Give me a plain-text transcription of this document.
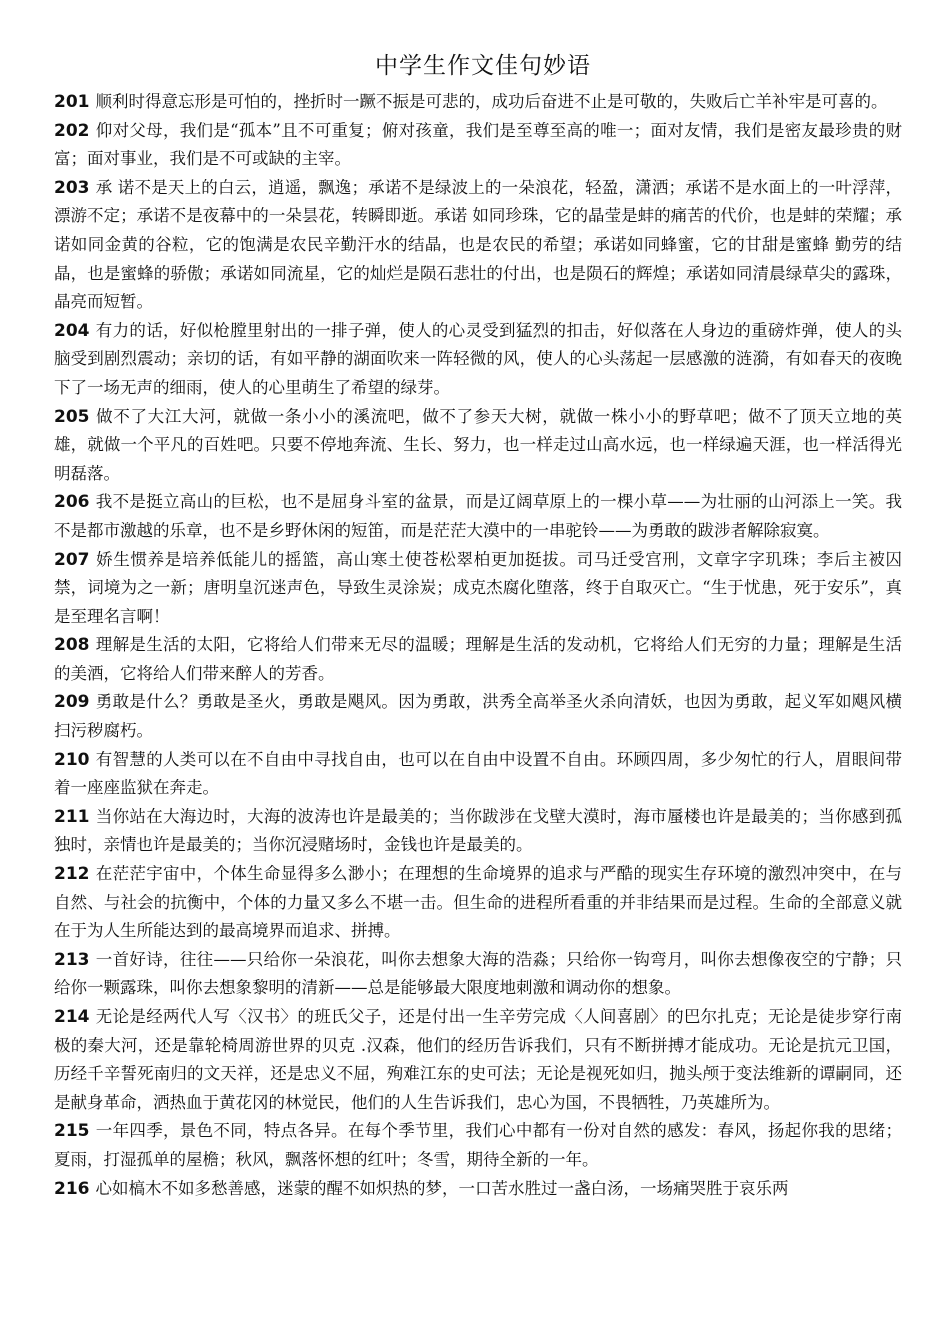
中学生作文佳句妙语

201 顺利时得意忘形是可怕的，挫折时一蹶不振是可悲的，成功后奋进不止是可敬的，失败后亡羊补牢是可喜的。

202 仰对父母，我们是“孤本”且不可重复；俯对孩童，我们是至尊至高的唯一；面对友情，我们是密友最珍贵的财富；面对事业，我们是不可或缺的主宰。

203 承 诺不是天上的白云，逍遥，飘逸；承诺不是绿波上的一朵浪花，轻盈，潇洒；承诺不是水面上的一叶浮萍，漂游不定；承诺不是夜幕中的一朵昙花，转瞬即逝。承诺 如同珍珠，它的晶莹是蚌的痛苦的代价，也是蚌的荣耀；承诺如同金黄的谷粒，它的饱满是农民辛勤汗水的结晶，也是农民的希望；承诺如同蜂蜜，它的甘甜是蜜蜂 勤劳的结晶，也是蜜蜂的骄傲；承诺如同流星，它的灿烂是陨石悲壮的付出，也是陨石的辉煌；承诺如同清晨绿草尖的露珠，晶亮而短暂。

204 有力的话，好似枪膛里射出的一排子弹，使人的心灵受到猛烈的扣击，好似落在人身边的重磅炸弹，使人的头脑受到剧烈震动；亲切的话，有如平静的湖面吹来一阵轻微的风，使人的心头荡起一层感激的涟漪，有如春天的夜晚下了一场无声的细雨，使人的心里萌生了希望的绿芽。

205 做不了大江大河，就做一条小小的溪流吧，做不了参天大树，就做一株小小的野草吧；做不了顶天立地的英雄，就做一个平凡的百姓吧。只要不停地奔流、生长、努力，也一样走过山高水远，也一样绿遍天涯，也一样活得光明磊落。

206 我不是挺立高山的巨松，也不是屈身斗室的盆景，而是辽阔草原上的一棵小草——为壮丽的山河添上一笑。我不是都市激越的乐章，也不是乡野休闲的短笛，而是茫茫大漠中的一串驼铃——为勇敢的跋涉者解除寂寞。

207 娇生惯养是培养低能儿的摇篮，高山寒土使苍松翠柏更加挺拔。司马迁受宫刑，文章字字玑珠；李后主被囚禁，词境为之一新；唐明皇沉迷声色，导致生灵涂炭；成克杰腐化堕落，终于自取灭亡。“生于忧患，死于安乐”，真是至理名言啊！

208 理解是生活的太阳，它将给人们带来无尽的温暖；理解是生活的发动机，它将给人们无穷的力量；理解是生活的美酒，它将给人们带来醉人的芳香。

209 勇敢是什么？勇敢是圣火，勇敢是飓风。因为勇敢，洪秀全高举圣火杀向清妖，也因为勇敢，起义军如飓风横扫污秽腐朽。

210 有智慧的人类可以在不自由中寻找自由，也可以在自由中设置不自由。环顾四周，多少匆忙的行人，眉眼间带着一座座监狱在奔走。

211 当你站在大海边时，大海的波涛也许是最美的；当你跋涉在戈壁大漠时，海市蜃楼也许是最美的；当你感到孤独时，亲情也许是最美的；当你沉浸赌场时，金钱也许是最美的。

212 在茫茫宇宙中，个体生命显得多么渺小；在理想的生命境界的追求与严酷的现实生存环境的激烈冲突中，在与自然、与社会的抗衡中，个体的力量又多么不堪一击。但生命的进程所看重的并非结果而是过程。生命的全部意义就在于为人生所能达到的最高境界而追求、拼搏。

213 一首好诗，往往——只给你一朵浪花，叫你去想象大海的浩淼；只给你一钩弯月，叫你去想像夜空的宁静；只给你一颗露珠，叫你去想象黎明的清新——总是能够最大限度地刺激和调动你的想象。

214 无论是经两代人写〈汉书〉的班氏父子，还是付出一生辛劳完成〈人间喜剧〉的巴尔扎克；无论是徒步穿行南极的秦大河，还是靠轮椅周游世界的贝克 .汉森，他们的经历告诉我们，只有不断拼搏才能成功。无论是抗元卫国，历经千辛誓死南归的文天祥，还是忠义不屈，殉难江东的史可法；无论是视死如归，抛头颅于变法维新的谭嗣同，还是献身革命，洒热血于黄花冈的林觉民，他们的人生告诉我们，忠心为国，不畏牺牲，乃英雄所为。

215 一年四季，景色不同，特点各异。在每个季节里，我们心中都有一份对自然的感发：春风，扬起你我的思绪；夏雨，打湿孤单的屋檐；秋风，飘落怀想的红叶；冬雪，期待全新的一年。

216 心如槁木不如多愁善感，迷蒙的醒不如炽热的梦，一口苦水胜过一盏白汤，一场痛哭胜于哀乐两
